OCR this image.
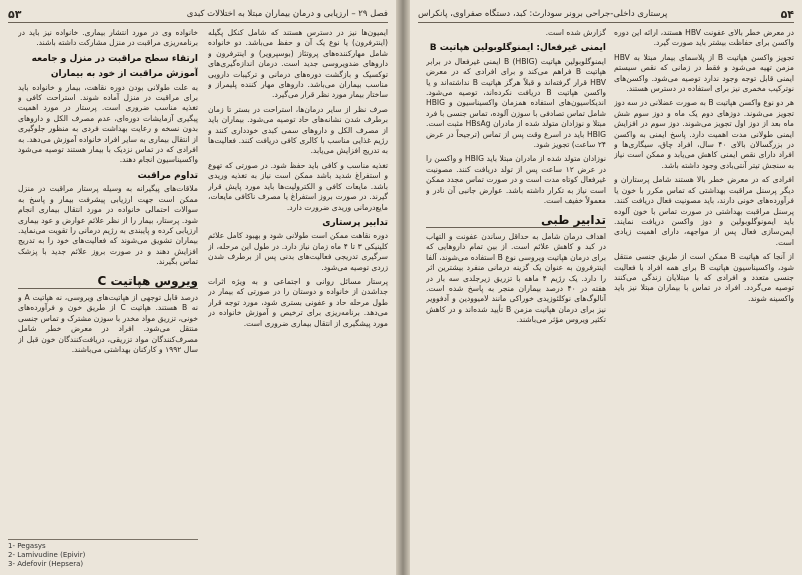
فصل ۲۹ – ارزیابی و درمان بیماران مبتلا به اختلالات کبدی
۵۳

ایمیون‌ها نیز در دسترس هستند که شامل کنکل پگیله (اینترفرون) یا نوع یک آن و حفظ می‌باشد. دو خانواده شامل مهارکننده‌های پروتئاز (بوسپرویر) و اینترفرون و داروهای ضدویروسی جدید است. درمان اندازه‌گیری‌های توکسیک و بازگشت دوره‌های درمانی و ترکیبات دارویی مناسب بیماران می‌باشد. داروهای مهار کننده پلیمراز و ساختار بیمار مورد نظر قرار می‌گیرد.

صرف نظر از سایر درمان‌ها، استراحت در بستر تا زمان برطرف شدن نشانه‌های حاد توصیه می‌شود. بیماران باید از مصرف الکل و داروهای سمی کبدی خودداری کنند و رژیم غذایی مناسب با کالری کافی دریافت کنند. فعالیت‌ها به تدریج افزایش می‌یابد.

تغذیه مناسب و کافی باید حفظ شود. در صورتی که تهوع و استفراغ شدید باشد ممکن است نیاز به تغذیه وریدی باشد. مایعات کافی و الکترولیت‌ها باید مورد پایش قرار گیرند. در صورت بروز استفراغ یا مصرف ناکافی مایعات، مایع‌درمانی وریدی ضرورت دارد.

تدابیر پرستاری

دوره نقاهت ممکن است طولانی شود و بهبود کامل علائم کلینیکی ۳ تا ۴ ماه زمان نیاز دارد. در طول این مرحله، از سرگیری تدریجی فعالیت‌های بدنی پس از برطرف شدن زردی توصیه می‌شود.

پرستار مسائل روانی و اجتماعی و به ویژه اثرات جداشدن از خانواده و دوستان را در صورتی که بیمار در طول مرحله حاد و عفونی بستری شود، مورد توجه قرار می‌دهد. برنامه‌ریزی برای ترخیص و آموزش خانواده در مورد پیشگیری از انتقال بیماری ضروری است.

خانواده وی در مورد انتشار بیماری. خانواده نیز باید در برنامه‌ریزی مراقبت در منزل مشارکت داشته باشند.

ارتقاء سطح مراقبت در منزل و جامعه
آموزش مراقبت از خود به بیماران

به علت طولانی بودن دوره نقاهت، بیمار و خانواده باید برای مراقبت در منزل آماده شوند. استراحت کافی و تغذیه مناسب ضروری است. پرستار در مورد اهمیت پیگیری آزمایشات دوره‌ای، عدم مصرف الکل و داروهای بدون نسخه و رعایت بهداشت فردی به منظور جلوگیری از انتقال بیماری به سایر افراد خانواده آموزش می‌دهد. به افرادی که در تماس نزدیک با بیمار هستند توصیه می‌شود واکسیناسیون انجام دهند.

تداوم مراقبت

ملاقات‌های پیگیرانه به وسیله پرستار مراقبت در منزل ممکن است جهت ارزیابی پیشرفت بیمار و پاسخ به سوالات احتمالی خانواده در مورد انتقال بیماری انجام شود. پرستار، بیمار را از نظر علائم عوارض و عود بیماری ارزیابی کرده و پایبندی به رژیم درمانی را تقویت می‌نماید. بیماران تشویق می‌شوند که فعالیت‌های خود را به تدریج افزایش دهند و در صورت بروز علائم جدید با پزشک تماس بگیرند.

ویروس هپاتیت C

درصد قابل توجهی از هپاتیت‌های ویروسی، نه هپاتیت A و نه B هستند. هپاتیت C از طریق خون و فرآورده‌های خونی، تزریق مواد مخدر با سوزن مشترک و تماس جنسی منتقل می‌شود. افراد در معرض خطر شامل مصرف‌کنندگان مواد تزریقی، دریافت‌کنندگان خون قبل از سال ۱۹۹۲ و کارکنان بهداشتی می‌باشند.

1- Pegasys
2- Lamivudine (Epivir)
3- Adefovir (Hepsera)
۵۴
پرستاری داخلی-جراحی برونر سودارث: کبد، دستگاه صفراوی، پانکراس

در معرض خطر بالای عفونت HBV هستند، ارائه این دوره واکسن برای حفاظت بیشتر باید صورت گیرد.

تجویز واکسن هپاتیت B از پلاسمای بیمار مبتلا به HBV مزمن تهیه می‌شود و فقط در زمانی که نقص سیستم ایمنی قابل توجه وجود ندارد توصیه می‌شود. واکسن‌های نوترکیب مخمری نیز برای استفاده در دسترس هستند.

هر دو نوع واکسن هپاتیت B به صورت عضلانی در سه دوز تجویز می‌شوند. دوزهای دوم یک ماه و دوز سوم شش ماه بعد از دوز اول تجویز می‌شوند. دوز سوم در افزایش ایمنی طولانی مدت اهمیت دارد. پاسخ ایمنی به واکسن در بزرگسالان بالای ۴۰ سال، افراد چاق، سیگاری‌ها و افراد دارای نقص ایمنی کاهش می‌یابد و ممکن است نیاز به سنجش تیتر آنتی‌بادی وجود داشته باشد.

افرادی که در معرض خطر بالا هستند شامل پرستاران و دیگر پرسنل مراقبت بهداشتی که تماس مکرر با خون یا فرآورده‌های خونی دارند، باید مصونیت فعال دریافت کنند. پرسنل مراقبت بهداشتی در صورت تماس با خون آلوده باید ایمونوگلوبولین و دوز واکسن دریافت نمایند. ایمن‌سازی فعال پس از مواجهه، دارای اهمیت زیادی است.

از آنجا که هپاتیت B ممکن است از طریق جنسی منتقل شود، واکسیناسیون هپاتیت B برای همه افراد با فعالیت جنسی متعدد و افرادی که با مبتلایان زندگی می‌کنند توصیه می‌گردد. افراد در تماس با بیماران مبتلا نیز باید واکسینه شوند.

گزارش شده است.

ایمنی غیرفعال: ایمنوگلوبولین هپاتیت B

ایمنوگلوبولین هپاتیت B (HBIG) ایمنی غیرفعال در برابر هپاتیت B فراهم می‌کند و برای افرادی که در معرض HBV قرار گرفته‌اند و قبلاً هرگز هپاتیت B نداشته‌اند و یا واکسن هپاتیت B دریافت نکرده‌اند، توصیه می‌شود. اندیکاسیون‌های استفاده همزمان واکسیناسیون و HBIG شامل تماس تصادفی با سوزن آلوده، تماس جنسی با فرد مبتلا و نوزادان متولد شده از مادران HBsAg مثبت است. HBIG باید در اسرع وقت پس از تماس (ترجیحاً در عرض ۲۴ ساعت) تجویز شود.

نوزادان متولد شده از مادران مبتلا باید HBIG و واکسن را در عرض ۱۲ ساعت پس از تولد دریافت کنند. مصونیت غیرفعال کوتاه مدت است و در صورت تماس مجدد ممکن است نیاز به تکرار داشته باشد. عوارض جانبی آن نادر و معمولاً خفیف است.

تدابیر طبی

اهداف درمان شامل به حداقل رساندن عفونت و التهاب در کبد و کاهش علائم است. از بین تمام داروهایی که برای درمان هپاتیت ویروسی نوع B استفاده می‌شوند، آلفا اینترفرون به عنوان یک گزینه درمانی منفرد بیشترین اثر را دارد. یک رژیم ۴ ماهه با تزریق زیرجلدی سه بار در هفته در ۴۰ درصد بیماران منجر به پاسخ شده است. آنالوگ‌های نوکلئوزیدی خوراکی مانند لامیوودین و آدفوویر نیز برای درمان هپاتیت مزمن B تأیید شده‌اند و در کاهش تکثیر ویروس مؤثر می‌باشند.
